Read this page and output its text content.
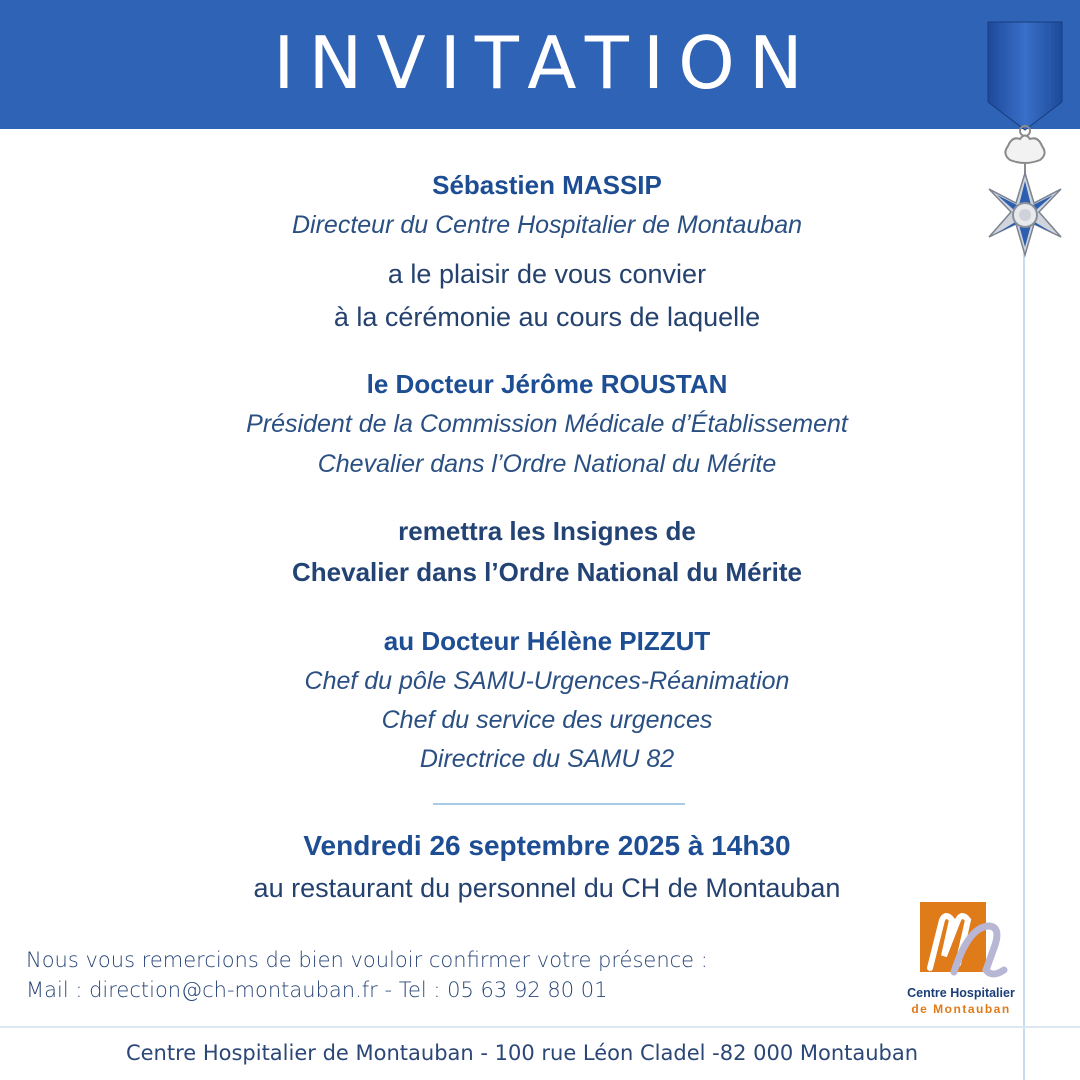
INVITATION
Sébastien MASSIP
Directeur du Centre Hospitalier de Montauban
a le plaisir de vous convier
à la cérémonie au cours de laquelle
le Docteur Jérôme ROUSTAN
Président de la Commission Médicale d’Établissement
Chevalier dans l’Ordre National du Mérite
remettra les Insignes de
Chevalier dans l’Ordre National du Mérite
au Docteur Hélène PIZZUT
Chef du pôle SAMU-Urgences-Réanimation
Chef du service des urgences
Directrice du SAMU 82
Vendredi 26 septembre 2025 à 14h30
au restaurant du personnel du CH de Montauban
Nous vous remercions de bien vouloir confirmer votre présence :
Mail : direction@ch-montauban.fr - Tel : 05 63 92 80 01	Centre Hospitalier
de Montauban
Centre Hospitalier de Montauban - 100 rue Léon Cladel -82 000 Montauban
